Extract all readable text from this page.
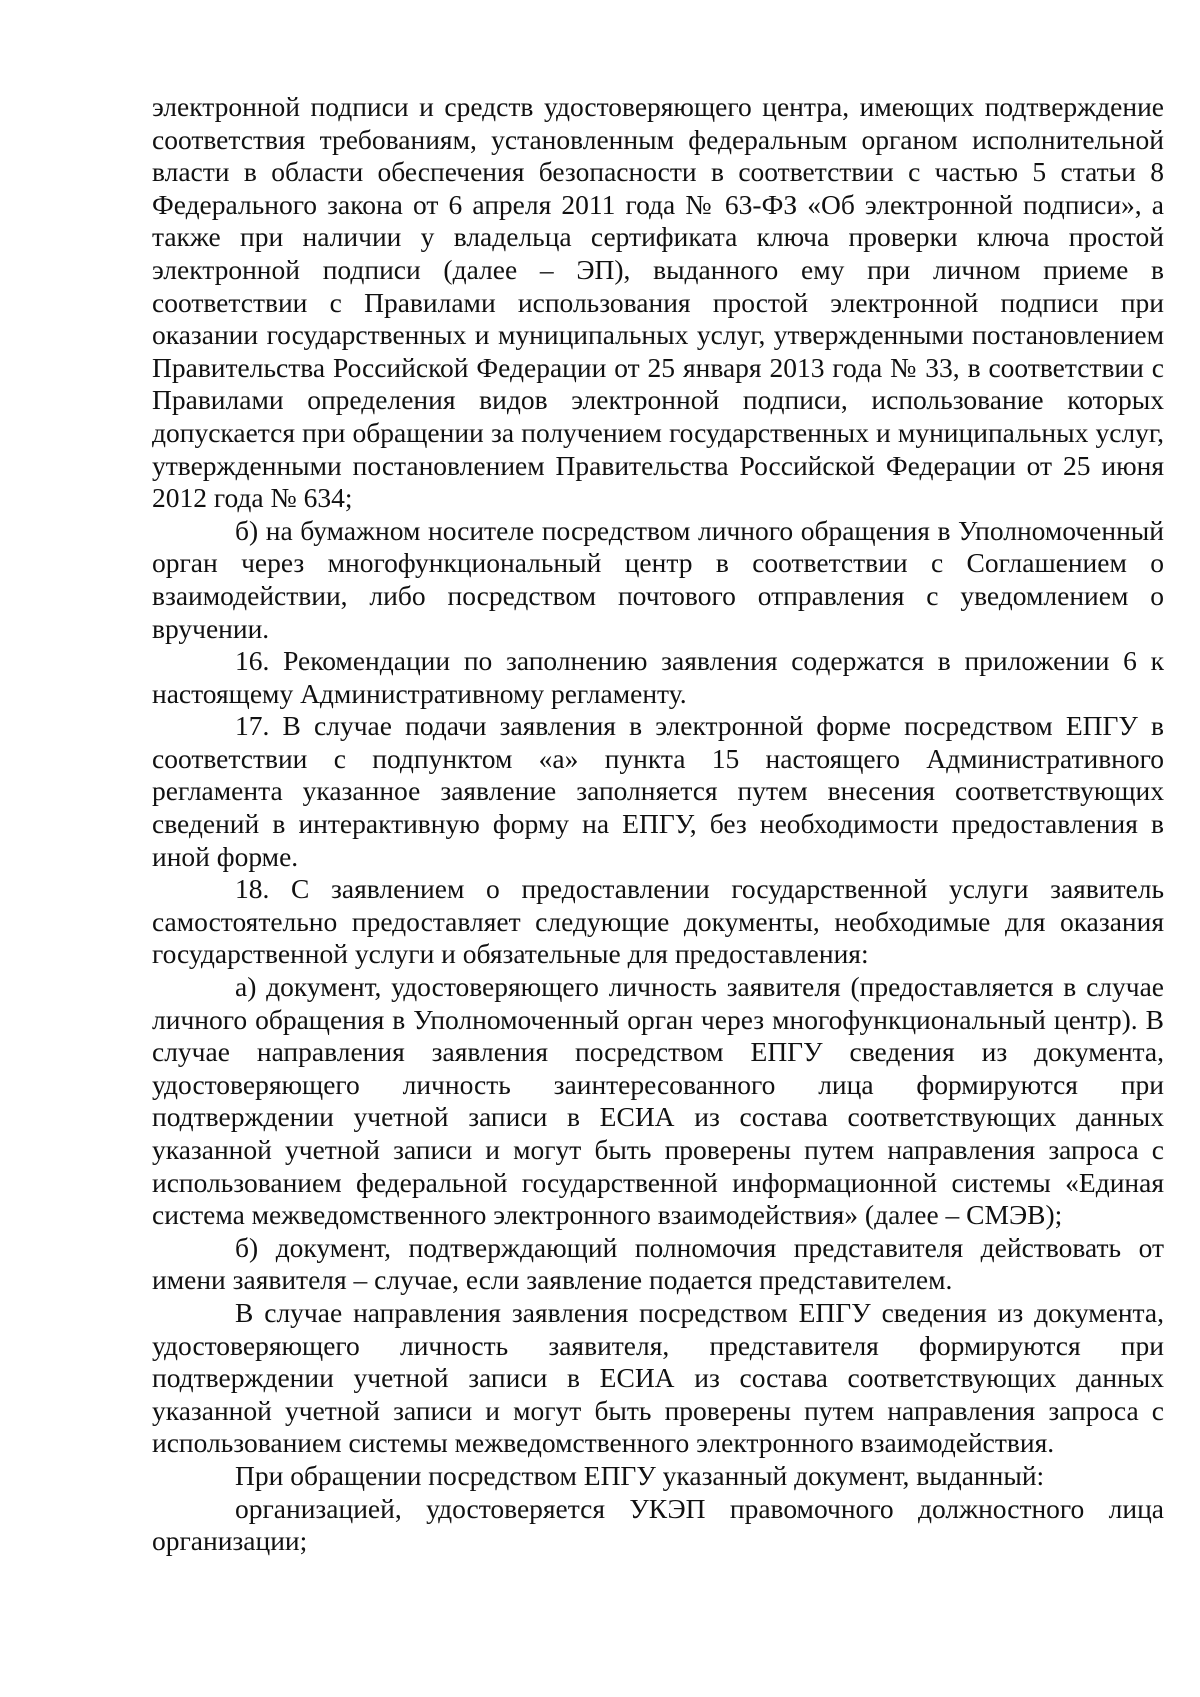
электронной подписи и средств удостоверяющего центра, имеющих подтверждение соответствия требованиям, установленным федеральным органом исполнительной власти в области обеспечения безопасности в соответствии с частью 5 статьи 8 Федерального закона от 6 апреля 2011 года № 63-ФЗ «Об электронной подписи», а также при наличии у владельца сертификата ключа проверки ключа простой электронной подписи (далее – ЭП), выданного ему при личном приеме в соответствии с Правилами использования простой электронной подписи при оказании государственных и муниципальных услуг, утвержденными постановлением Правительства Российской Федерации от 25 января 2013 года № 33, в соответствии с Правилами определения видов электронной подписи, использование которых допускается при обращении за получением государственных и муниципальных услуг, утвержденными постановлением Правительства Российской Федерации от 25 июня 2012 года № 634;

б) на бумажном носителе посредством личного обращения в Уполномоченный орган через многофункциональный центр в соответствии с Соглашением о взаимодействии, либо посредством почтового отправления с уведомлением о вручении.

16. Рекомендации по заполнению заявления содержатся в приложении 6 к настоящему Административному регламенту.

17. В случае подачи заявления в электронной форме посредством ЕПГУ в соответствии с подпунктом «а» пункта 15 настоящего Административного регламента указанное заявление заполняется путем внесения соответствующих сведений в интерактивную форму на ЕПГУ, без необходимости предоставления в иной форме.

18. С заявлением о предоставлении государственной услуги заявитель самостоятельно предоставляет следующие документы, необходимые для оказания государственной услуги и обязательные для предоставления:

а) документ, удостоверяющего личность заявителя (предоставляется в случае личного обращения в Уполномоченный орган через многофункциональный центр). В случае направления заявления посредством ЕПГУ сведения из документа, удостоверяющего личность заинтересованного лица формируются при подтверждении учетной записи в ЕСИА из состава соответствующих данных указанной учетной записи и могут быть проверены путем направления запроса с использованием федеральной государственной информационной системы «Единая система межведомственного электронного взаимодействия» (далее – СМЭВ);

б) документ, подтверждающий полномочия представителя действовать от имени заявителя – случае, если заявление подается представителем.

В случае направления заявления посредством ЕПГУ сведения из документа, удостоверяющего личность заявителя, представителя формируются при подтверждении учетной записи в ЕСИА из состава соответствующих данных указанной учетной записи и могут быть проверены путем направления запроса с использованием системы межведомственного электронного взаимодействия.

При обращении посредством ЕПГУ указанный документ, выданный:

организацией, удостоверяется УКЭП правомочного должностного лица организации;
